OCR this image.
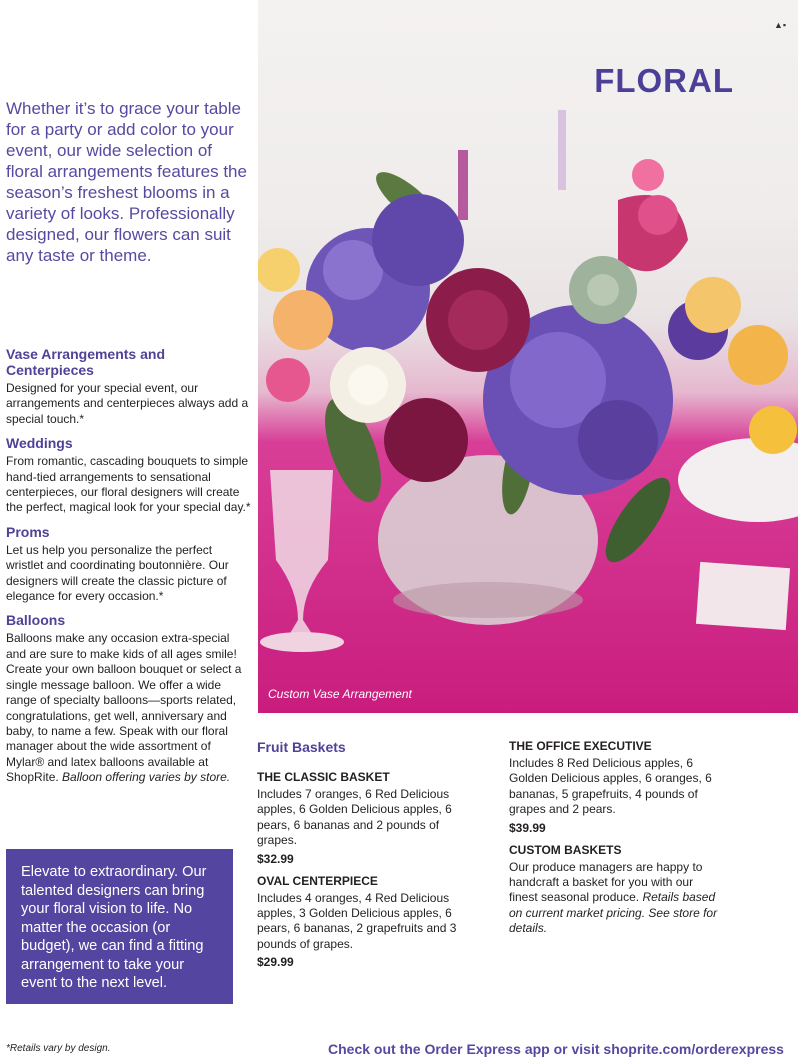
FLORAL
▲▪
Custom Vase Arrangement

Whether it’s to grace your table for a party or add color to your event, our wide selection of floral arrangements features the season’s freshest blooms in a variety of looks. Professionally designed, our flowers can suit any taste or theme.

Vase Arrangements and Centerpieces

Designed for your special event, our arrangements and centerpieces always add a special touch.*

Weddings

From romantic, cascading bouquets to simple hand-tied arrangements to sensational centerpieces, our floral designers will create the perfect, magical look for your special day.*

Proms

Let us help you personalize the perfect wristlet and coordinating boutonnière. Our designers will create the classic picture of elegance for every occasion.*

Balloons

Balloons make any occasion extra-special and are sure to make kids of all ages smile! Create your own balloon bouquet or select a single message balloon. We offer a wide range of specialty balloons—sports related, congratulations, get well, anniversary and baby, to name a few. Speak with our floral manager about the wide assortment of Mylar® and latex balloons available at ShopRite. Balloon offering varies by store.

Elevate to extraordinary. Our talented designers can bring your floral vision to life. No matter the occasion (or budget), we can find a fitting arrangement to take your event to the next level.

*Retails vary by design.	Check out the Order Express app or visit shoprite.com/orderexpress
Fruit Baskets
THE CLASSIC BASKET

Includes 7 oranges, 6 Red Delicious apples, 6 Golden Delicious apples, 6 pears, 6 bananas and 2 pounds of grapes.

$32.99
OVAL CENTERPIECE

Includes 4 oranges, 4 Red Delicious apples, 3 Golden Delicious apples, 6 pears, 6 bananas, 2 grapefruits and 3 pounds of grapes.

$29.99
THE OFFICE EXECUTIVE

Includes 8 Red Delicious apples, 6 Golden Delicious apples, 6 oranges, 6 bananas, 5 grapefruits, 4 pounds of grapes and 2 pears.

$39.99
CUSTOM BASKETS

Our produce managers are happy to handcraft a basket for you with our finest seasonal produce. Retails based on current market pricing. See store for details.
